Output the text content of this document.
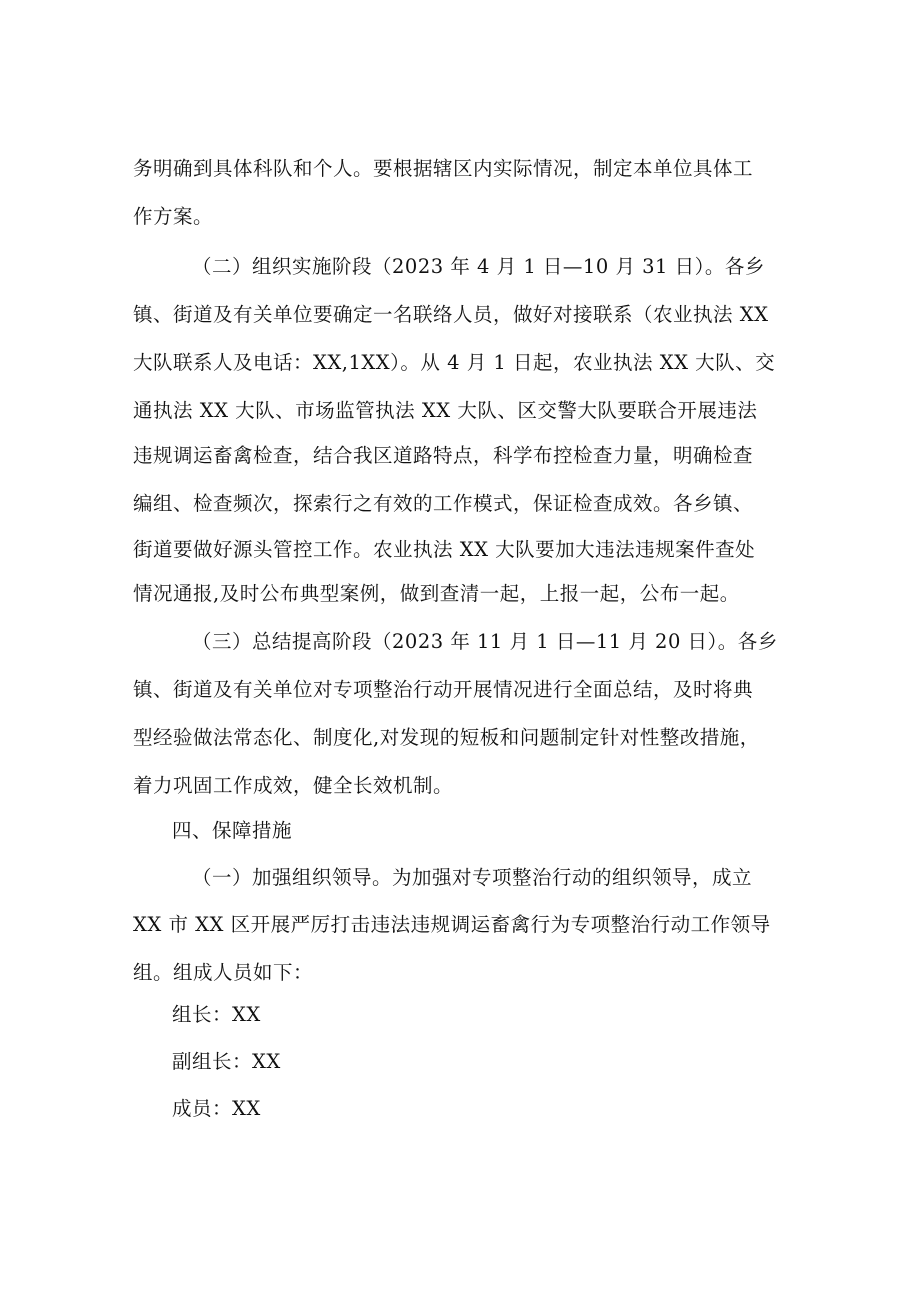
务明确到具体科队和个人。要根据辖区内实际情况，制定本单位具体工
作方案。
（二）组织实施阶段（2023 年 4 月 1 日—10 月 31 日）。各乡
镇、街道及有关单位要确定一名联络人员，做好对接联系（农业执法 XX
大队联系人及电话：XX,1XX）。从 4 月 1 日起，农业执法 XX 大队、交
通执法 XX 大队、市场监管执法 XX 大队、区交警大队要联合开展违法
违规调运畜禽检查，结合我区道路特点，科学布控检查力量，明确检查
编组、检查频次，探索行之有效的工作模式，保证检查成效。各乡镇、
街道要做好源头管控工作。农业执法 XX 大队要加大违法违规案件查处
情况通报,及时公布典型案例，做到查清一起，上报一起，公布一起。
（三）总结提高阶段（2023 年 11 月 1 日—11 月 20 日）。各乡
镇、街道及有关单位对专项整治行动开展情况进行全面总结，及时将典
型经验做法常态化、制度化,对发现的短板和问题制定针对性整改措施，
着力巩固工作成效，健全长效机制。
四、保障措施
（一）加强组织领导。为加强对专项整治行动的组织领导，成立
XX 市 XX 区开展严厉打击违法违规调运畜禽行为专项整治行动工作领导
组。组成人员如下：
组长：XX
副组长：XX
成员：XX
